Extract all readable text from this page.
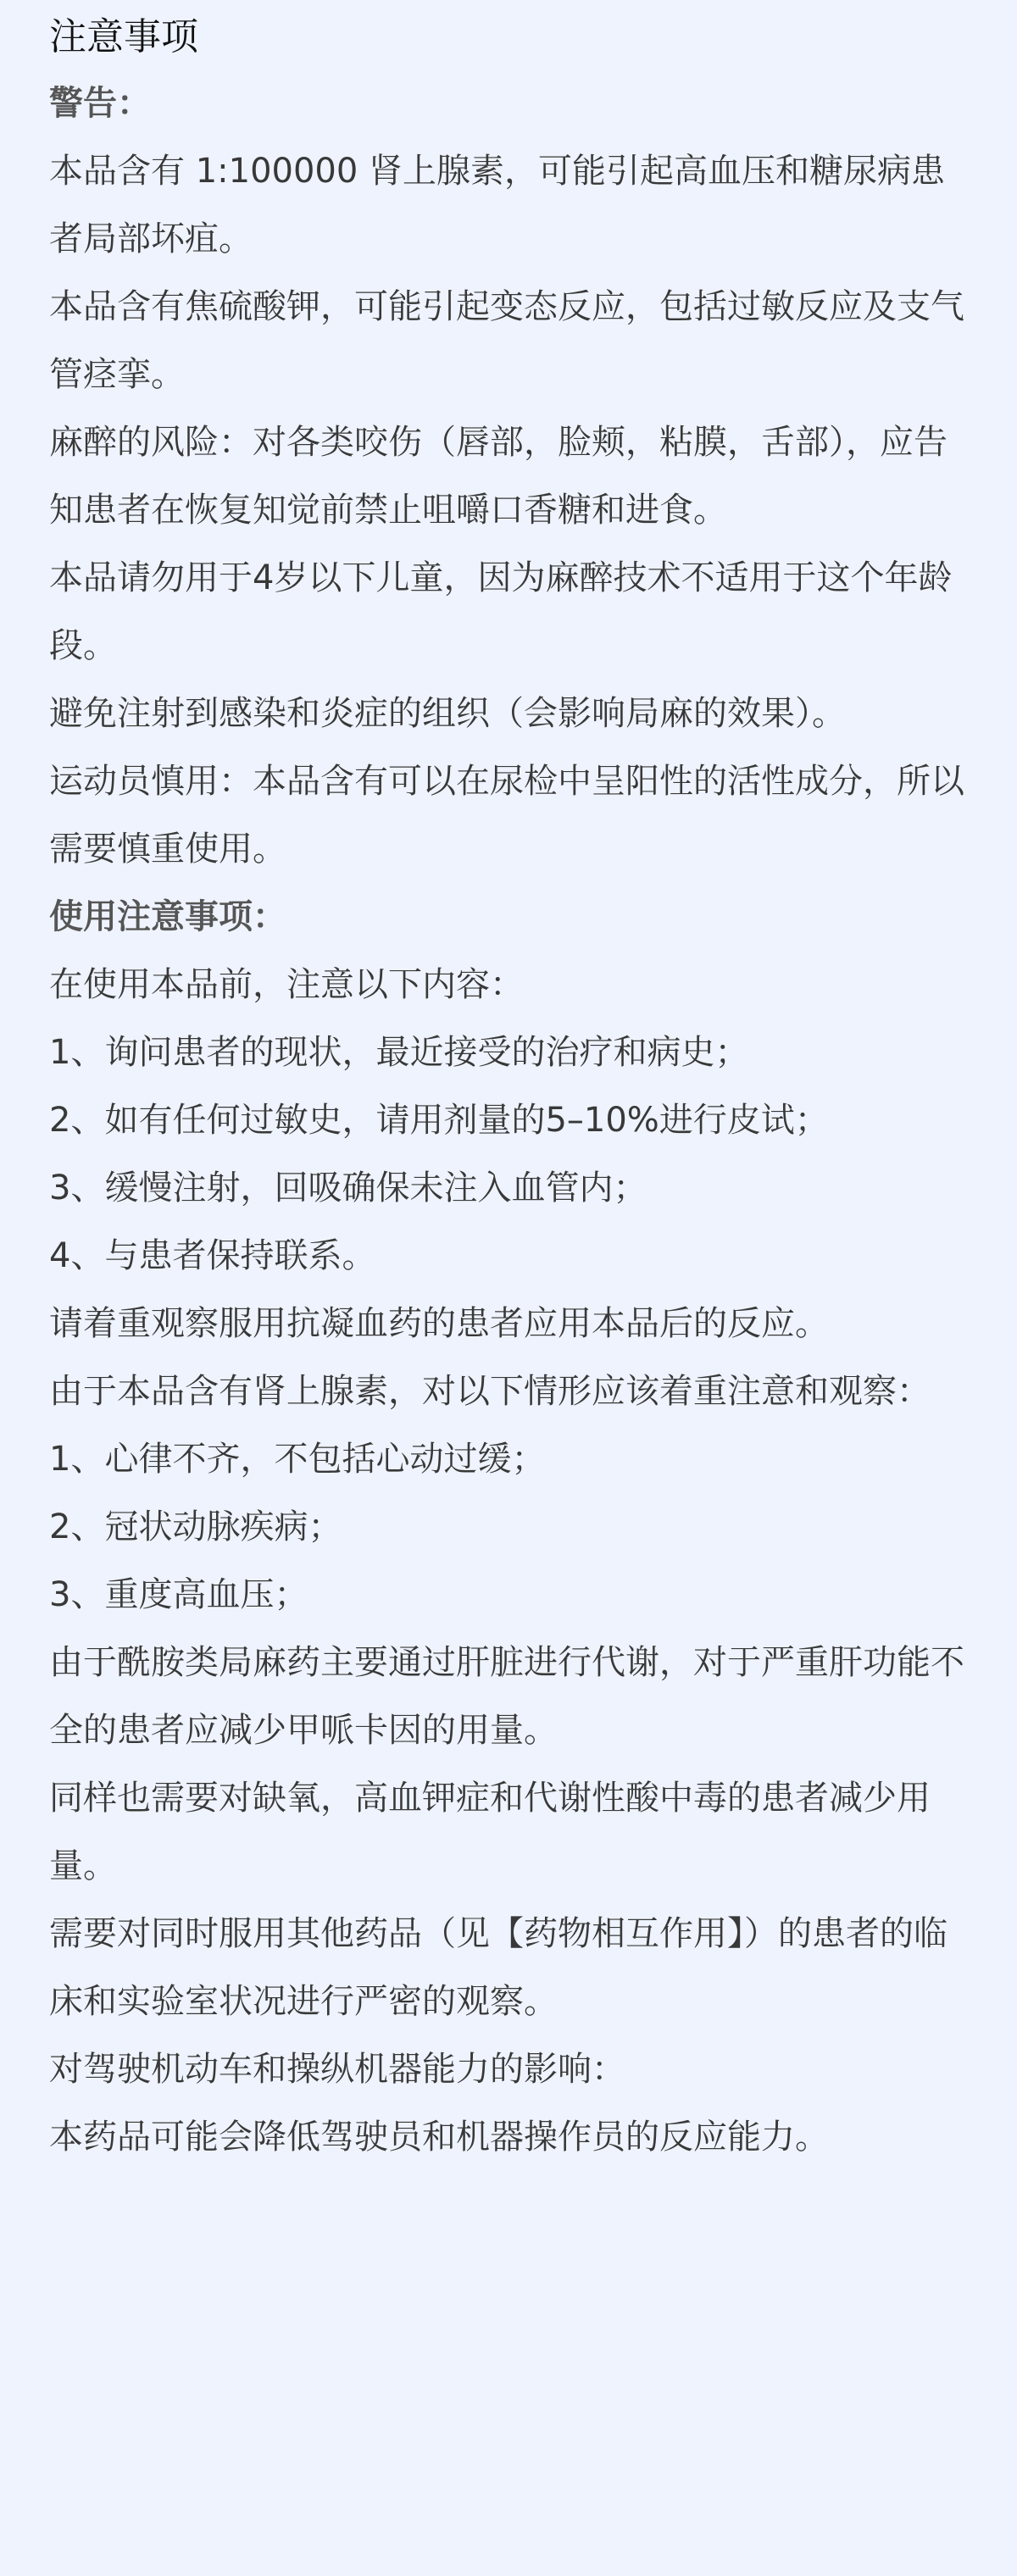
注意事项

警告：

本品含有 1:100000 肾上腺素，可能引起高血压和糖尿病患者局部坏疽。

本品含有焦硫酸钾，可能引起变态反应，包括过敏反应及支气管痉挛。

麻醉的风险：对各类咬伤（唇部，脸颊，粘膜，舌部），应告知患者在恢复知觉前禁止咀嚼口香糖和进食。

本品请勿用于4岁以下儿童，因为麻醉技术不适用于这个年龄段。

避免注射到感染和炎症的组织（会影响局麻的效果）。

运动员慎用：本品含有可以在尿检中呈阳性的活性成分，所以需要慎重使用。

使用注意事项：

在使用本品前，注意以下内容：

1、询问患者的现状，最近接受的治疗和病史；

2、如有任何过敏史，请用剂量的5–10%进行皮试；

3、缓慢注射，回吸确保未注入血管内；

4、与患者保持联系。

请着重观察服用抗凝血药的患者应用本品后的反应。

由于本品含有肾上腺素，对以下情形应该着重注意和观察：

1、心律不齐，不包括心动过缓；

2、冠状动脉疾病；

3、重度高血压；

由于酰胺类局麻药主要通过肝脏进行代谢，对于严重肝功能不全的患者应减少甲哌卡因的用量。

同样也需要对缺氧，高血钾症和代谢性酸中毒的患者减少用量。

需要对同时服用其他药品（见【药物相互作用】）的患者的临床和实验室状况进行严密的观察。

对驾驶机动车和操纵机器能力的影响：

本药品可能会降低驾驶员和机器操作员的反应能力。
